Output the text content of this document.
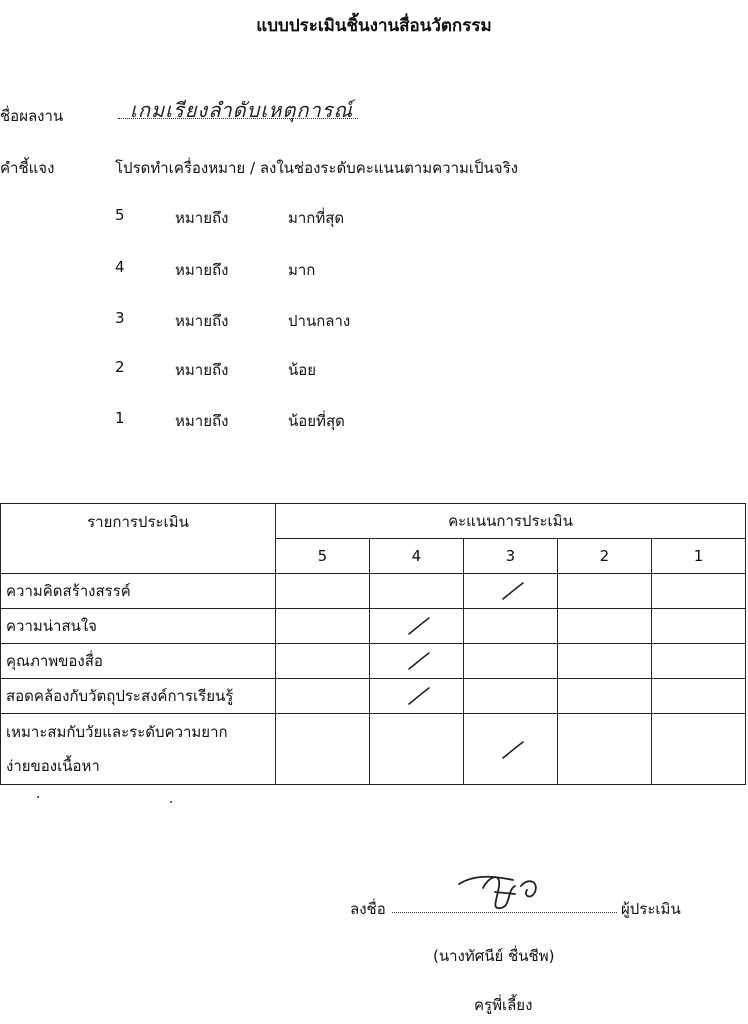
แบบประเมินชิ้นงานสื่อนวัตกรรม
ชื่อผลงาน	เกมเรียงลำดับเหตุการณ์
คำชี้แจง	โปรดทำเครื่องหมาย / ลงในช่องระดับคะแนนตามความเป็นจริง
5	หมายถึง	มากที่สุด
4	หมายถึง	มาก
3	หมายถึง	ปานกลาง
2	หมายถึง	น้อย
1	หมายถึง	น้อยที่สุด
รายการประเมิน	คะแนนการประเมิน				
	5	4	3	2	1
ความคิดสร้างสรรค์					
ความน่าสนใจ					
คุณภาพของสื่อ					
สอดคล้องกับวัตถุประสงค์การเรียนรู้					

เหมาะสมกับวัยและระดับความยาก
ง่ายของเนื้อหา

ลงชื่อ	ผู้ประเมิน
(นางทัศนีย์ ชื่นชีพ)
ครูพี่เลี้ยง
